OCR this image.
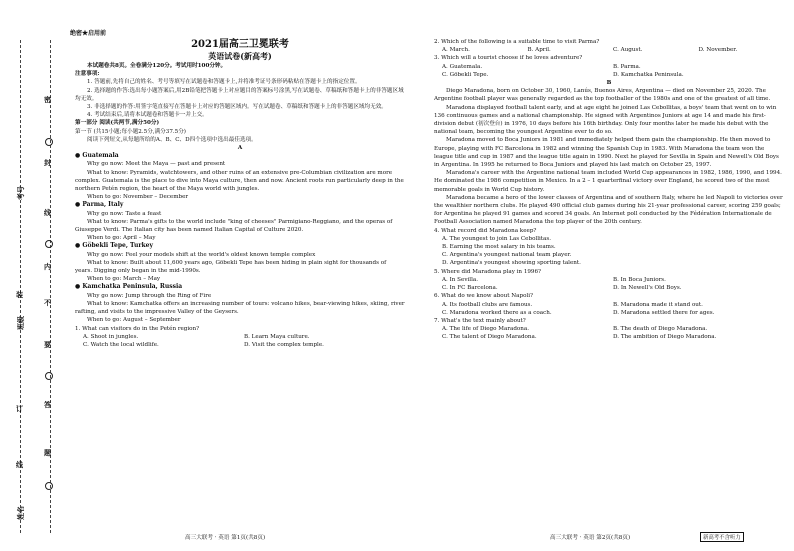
考号
班级
姓名
密
封
线
内
不
要
答
题
装
订
线
绝密★启用前
2021届高三卫冕联考
英语试卷(新高考)

本试题卷共8页。全卷满分120分。考试用时100分钟。

注意事项:

1. 答题前,先将自己的姓名、考号等填写在试题卷和答题卡上,并将准考证号条形码粘贴在答题卡上的指定位置。

2. 选择题的作答:选出每小题答案后,用2B铅笔把答题卡上对应题目的答案标号涂黑,写在试题卷、草稿纸和答题卡上的非答题区域均无效。

3. 非选择题的作答:用签字笔直接写在答题卡上对应的答题区域内。写在试题卷、草稿纸和答题卡上的非答题区域均无效。

4. 考试结束后,请将本试题卷和答题卡一并上交。

第一部分 阅读(共两节,满分50分)

第一节 (共15小题;每小题2.5分,满分37.5分)

阅读下列短文,从每题所给的A、B、C、D四个选项中选出最佳选项。

A

● Guatemala

Why go now: Meet the Maya — past and present

What to know: Pyramids, watchtowers, and other ruins of an extensive pre-Columbian civilization are more complex. Guatemala is the place to dive into Maya culture, then and now. Ancient roots run particularly deep in the northern Petén region, the heart of the Maya world with jungles.

When to go: November – December

● Parma, Italy

Why go now: Taste a feast

What to know: Parma's gifts to the world include "king of cheeses" Parmigiano-Reggiano, and the operas of Giuseppe Verdi. The Italian city has been named Italian Capital of Culture 2020.

When to go: April – May

● Göbekli Tepe, Turkey

Why go now: Feel your models shift at the world's oldest known temple complex

What to know: Built about 11,600 years ago, Göbekli Tepe has been hiding in plain sight for thousands of years. Digging only began in the mid-1990s.

When to go: March – May

● Kamchatka Peninsula, Russia

Why go now: Jump through the Ring of Fire

What to know: Kamchatka offers an increasing number of tours: volcano hikes, bear-viewing hikes, skiing, river rafting, and visits to the impressive Valley of the Geysers.

When to go: August – September

1. What can visitors do in the Petén region?

A. Shoot in jungles.	B. Learn Maya culture.
C. Watch the local wildlife.	D. Visit the complex temple.

2. Which of the following is a suitable time to visit Parma?

A. March.	B. April.	C. August.	D. November.

3. Which will a tourist choose if he loves adventure?

A. Guatemala.	B. Parma.
C. Göbekli Tepe.	D. Kamchatka Peninsula.

B

Diego Maradona, born on October 30, 1960, Lanús, Buenos Aires, Argentina — died on November 25, 2020. The Argentine football player was generally regarded as the top footballer of the 1980s and one of the greatest of all time.

Maradona displayed football talent early, and at age eight he joined Las Cebollitas, a boys' team that went on to win 136 continuous games and a national championship. He signed with Argentinos Juniors at age 14 and made his first-division debut (初次登台) in 1976, 10 days before his 16th birthday. Only four months later he made his debut with the national team, becoming the youngest Argentine ever to do so.

Maradona moved to Boca Juniors in 1981 and immediately helped them gain the championship. He then moved to Europe, playing with FC Barcelona in 1982 and winning the Spanish Cup in 1983. With Maradona the team won the league title and cup in 1987 and the league title again in 1990. Next he played for Sevilla in Spain and Newell's Old Boys in Argentina. In 1995 he returned to Boca Juniors and played his last match on October 25, 1997.

Maradona's career with the Argentine national team included World Cup appearances in 1982, 1986, 1990, and 1994. He dominated the 1986 competition in Mexico. In a 2 – 1 quarterfinal victory over England, he scored two of the most memorable goals in World Cup history.

Maradona became a hero of the lower classes of Argentina and of southern Italy, where he led Napoli to victories over the wealthier northern clubs. He played 490 official club games during his 21-year professional career, scoring 259 goals; for Argentina he played 91 games and scored 34 goals. An Internet poll conducted by the Fédération Internationale de Football Association named Maradona the top player of the 20th century.

4. What record did Maradona keep?

A. The youngest to join Las Cebollitas.

B. Earning the most salary in his teams.

C. Argentina's youngest national team player.

D. Argentina's youngest showing sporting talent.

5. Where did Maradona play in 1996?

A. In Sevilla.	B. In Boca Juniors.
C. In FC Barcelona.	D. In Newell's Old Boys.

6. What do we know about Napoli?

A. Its football clubs are famous.	B. Maradona made it stand out.
C. Maradona worked there as a coach.	D. Maradona settled there for ages.

7. What's the text mainly about?

A. The life of Diego Maradona.	B. The death of Diego Maradona.
C. The talent of Diego Maradona.	D. The ambition of Diego Maradona.
高三大联考 · 英语 第1页(共8页)	高三大联考 · 英语 第2页(共8页)	新高考不含听力
